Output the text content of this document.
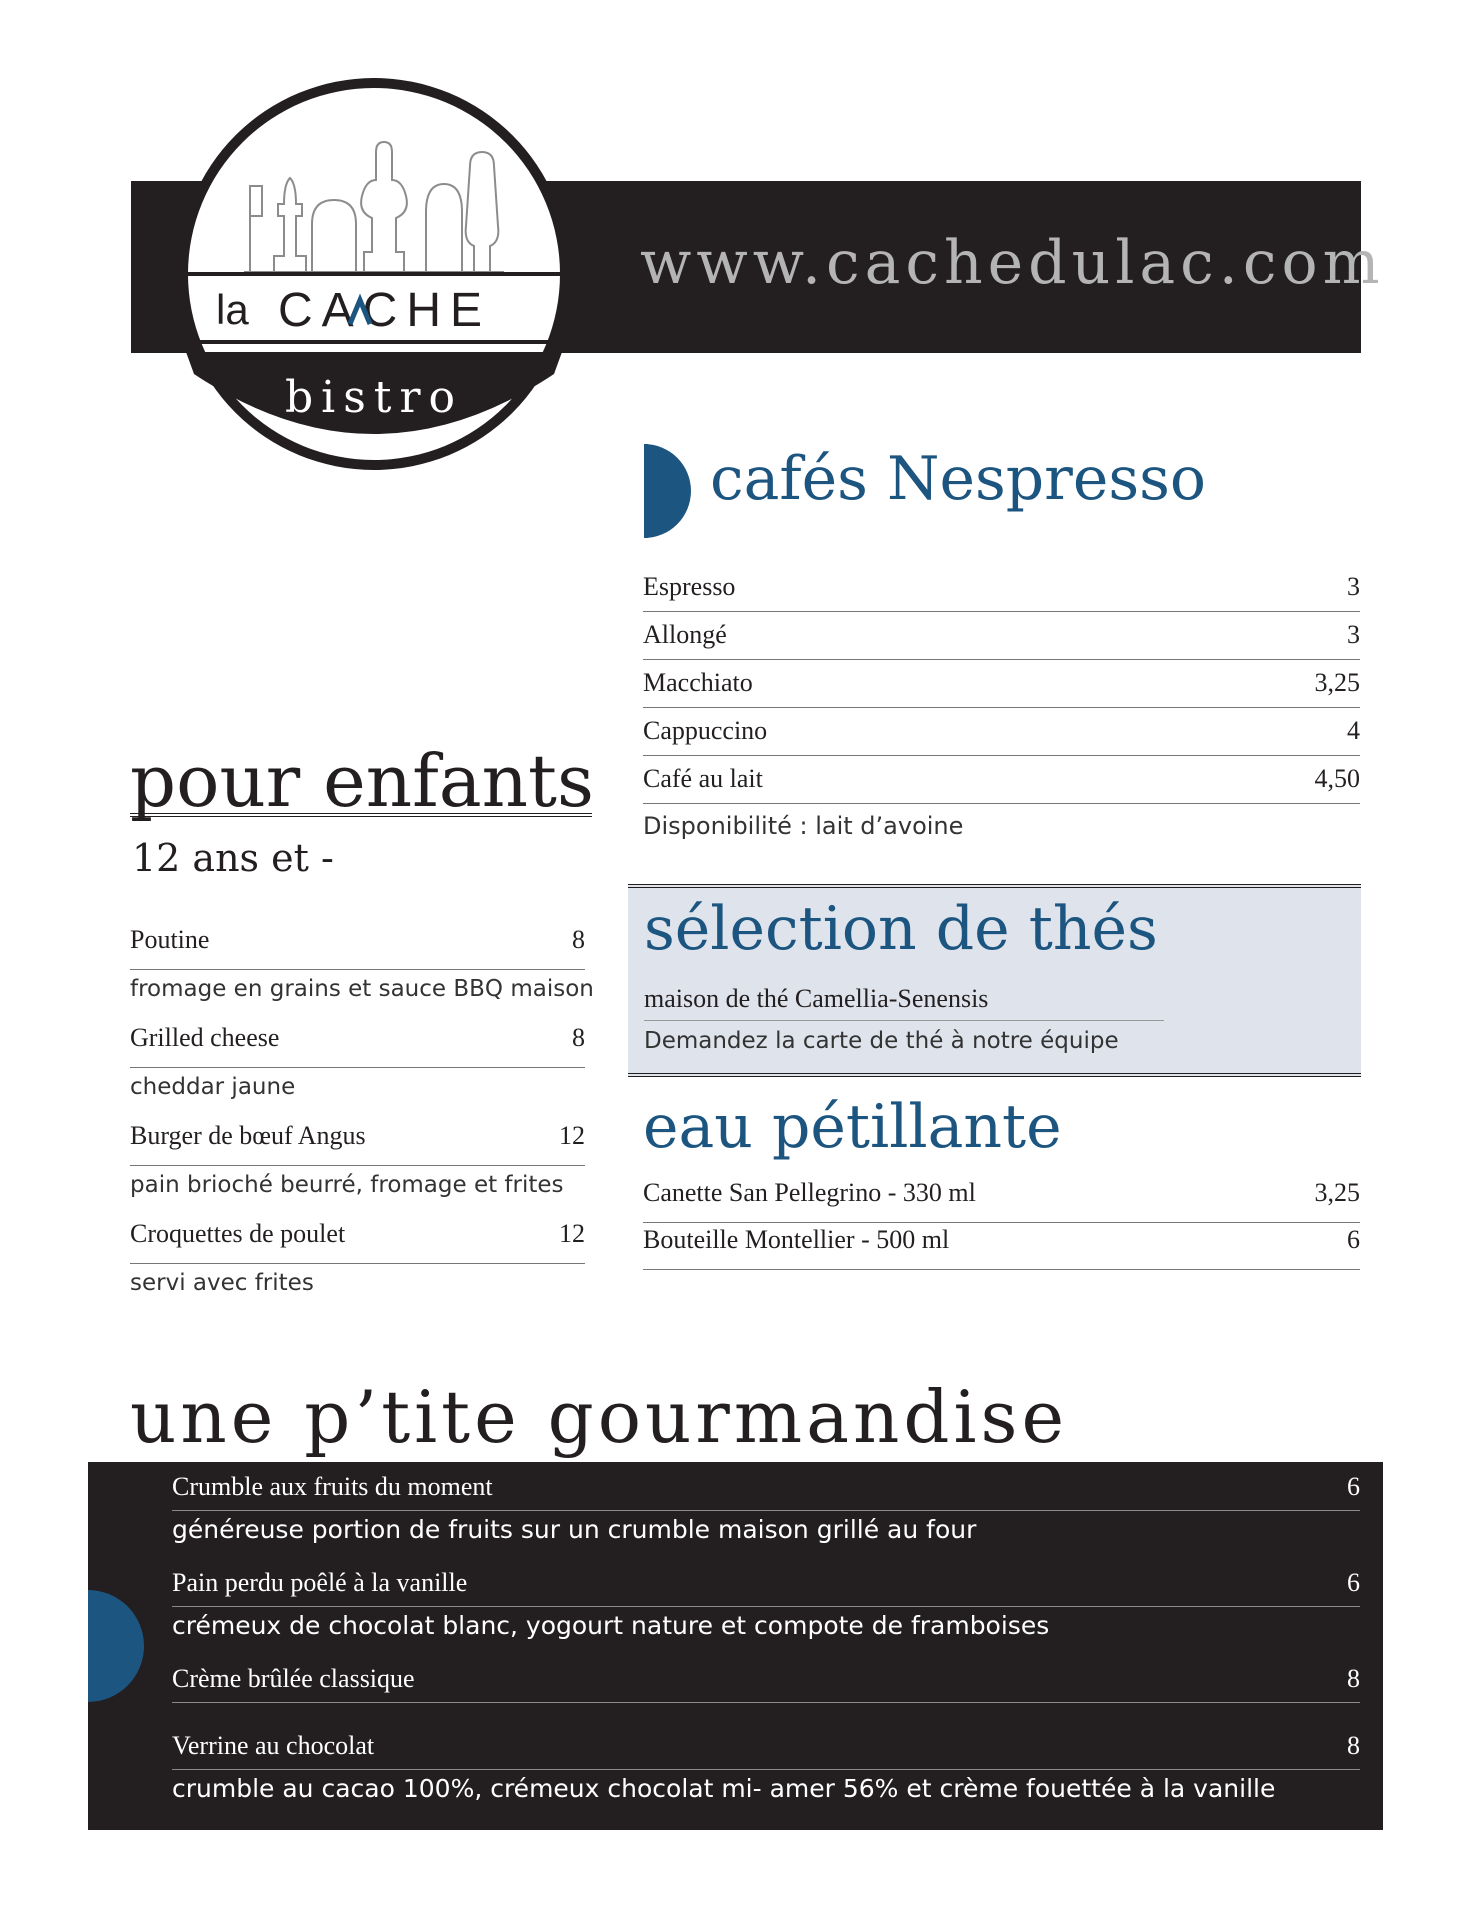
www.cachedulac.com
la CACHE
bistro
cafés Nespresso
Espresso	3
Allongé	3
Macchiato	3,25
Cappuccino	4
Café au lait	4,50
Disponibilité : lait d’avoine
sélection de thés
maison de thé Camellia-Senensis
Demandez la carte de thé à notre équipe
eau pétillante
Canette San Pellegrino - 330 ml	3,25
Bouteille Montellier - 500 ml	6
pour enfants
12 ans et -
Poutine	8
fromage en grains et sauce BBQ maison
Grilled cheese	8
cheddar jaune
Burger de bœuf Angus	12
pain brioché beurré, fromage et frites
Croquettes de poulet	12
servi avec frites
une p’tite gourmandise
Crumble aux fruits du moment	6
généreuse portion de fruits sur un crumble maison grillé au four
Pain perdu poêlé à la vanille	6
crémeux de chocolat blanc, yogourt nature et compote de framboises
Crème brûlée classique	8
Verrine au chocolat	8
crumble au cacao 100%, crémeux chocolat mi- amer 56% et crème fouettée à la vanille
